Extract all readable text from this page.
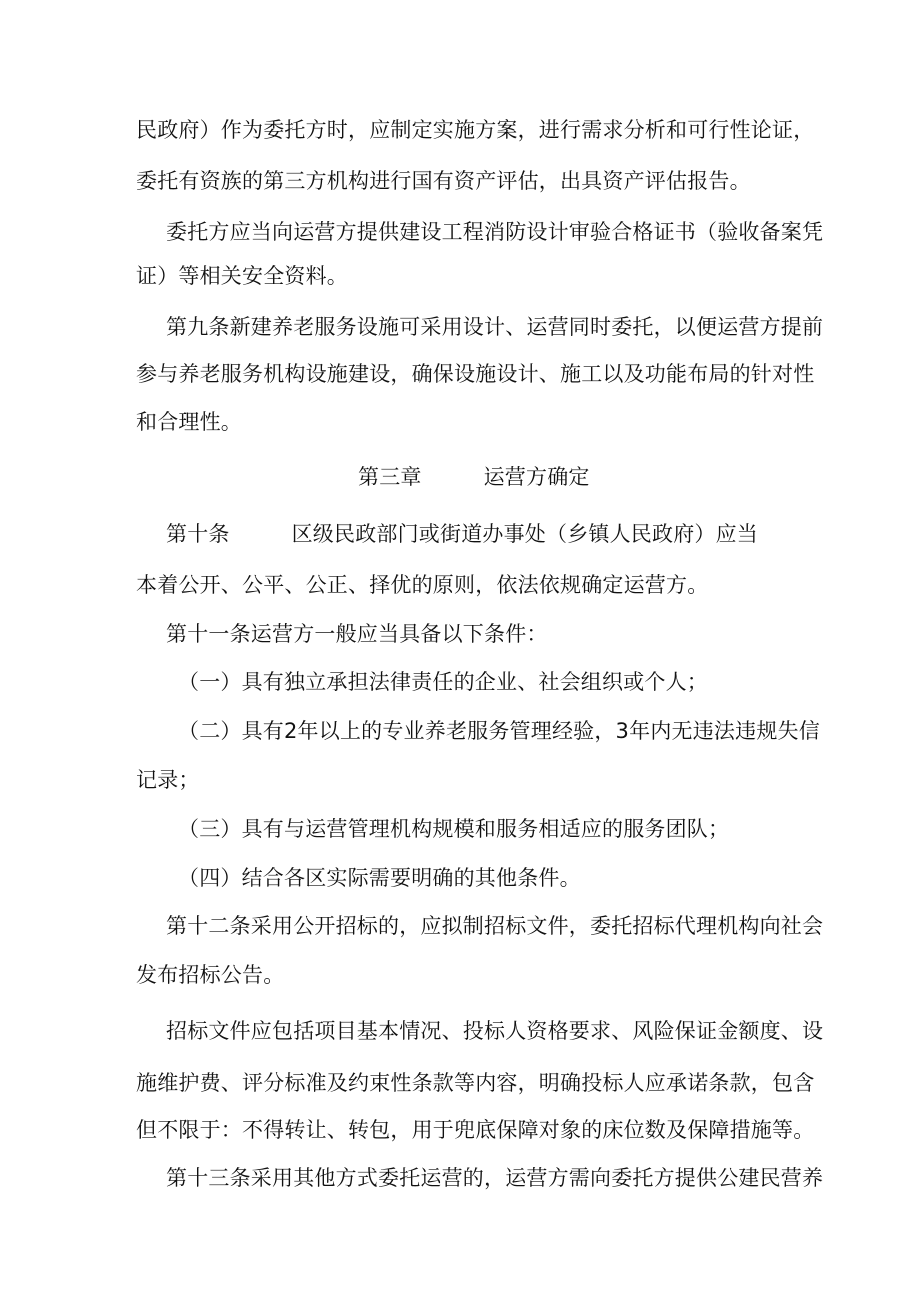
民政府）作为委托方时，应制定实施方案，进行需求分析和可行性论证，
委托有资族的第三方机构进行国有资产评估，出具资产评估报告。
委托方应当向运营方提供建设工程消防设计审验合格证书（验收备案凭
证）等相关安全资料。
第九条新建养老服务设施可采用设计、运营同时委托，以便运营方提前
参与养老服务机构设施建设，确保设施设计、施工以及功能布局的针对性
和合理性。
第三章	运营方确定
第十条	区级民政部门或街道办事处（乡镇人民政府）应当
本着公开、公平、公正、择优的原则，依法依规确定运营方。
第十一条运营方一般应当具备以下条件：
（一）具有独立承担法律责任的企业、社会组织或个人；
（二）具有2年以上的专业养老服务管理经验，3年内无违法违规失信
记录；
（三）具有与运营管理机构规模和服务相适应的服务团队；
（四）结合各区实际需要明确的其他条件。
第十二条采用公开招标的，应拟制招标文件，委托招标代理机构向社会
发布招标公告。
招标文件应包括项目基本情况、投标人资格要求、风险保证金额度、设
施维护费、评分标准及约束性条款等内容，明确投标人应承诺条款，包含
但不限于：不得转让、转包，用于兜底保障对象的床位数及保障措施等。
第十三条采用其他方式委托运营的，运营方需向委托方提供公建民营养
